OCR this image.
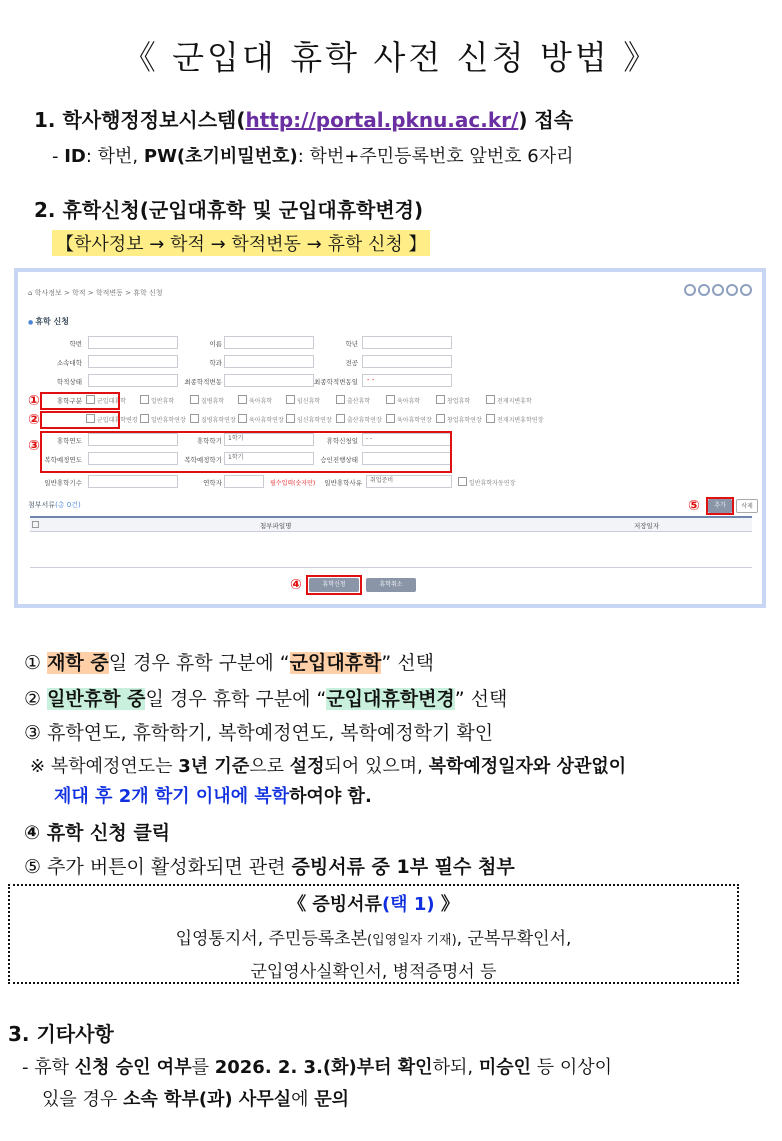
《 군입대 휴학 사전 신청 방법 》
1. 학사행정정보시스템(http://portal.pknu.ac.kr/) 접속
- ID: 학번, PW(초기비밀번호): 학번+주민등록번호 앞번호 6자리
2. 휴학신청(군입대휴학 및 군입대휴학변경)
【학사정보 → 학적 → 학적변동 → 휴학 신청 】
⌂ 학사정보 > 학적 > 학적변동 > 휴학 신청
● 휴학 신청
학번	이름	학년
소속대학	학과	전공
학적상태	최종학적변동	최종학적변동일	- -
휴학구분	군입대휴학	일반휴학	질병휴학	육아휴학	임신휴학	출산휴학	육아휴학	창업휴학	전재지변휴학
군입대휴학변경	일반휴학연장	질병휴학연장	육아휴학연장	임신휴학연장	출산휴학연장	육아휴학연장	창업휴학연장	전재지변휴학연장
휴학연도	휴학학기	1학기	휴학신청일	- -
복학예정연도	복학예정학기	1학기	승인진행상태
일반휴학기수	연학자	필수입력(숫자만)	일반휴학사유	취업준비	일반휴학자동연장
①
②
③
첨부서류(총 0건)	⑤	추가	삭제
첨부파일명	저장일자
④	휴학신청	휴학취소
① 재학 중일 경우 휴학 구분에 “군입대휴학” 선택
② 일반휴학 중일 경우 휴학 구분에 “군입대휴학변경” 선택
③ 휴학연도, 휴학학기, 복학예정연도, 복학예정학기 확인
※ 복학예정연도는 3년 기준으로 설정되어 있으며, 복학예정일자와 상관없이
제대 후 2개 학기 이내에 복학하여야 함.
④ 휴학 신청 클릭
⑤ 추가 버튼이 활성화되면 관련 증빙서류 중 1부 필수 첨부
《 증빙서류(택 1) 》
입영통지서, 주민등록초본(입영일자 기재), 군복무확인서,
군입영사실확인서, 병적증명서 등
3. 기타사항
- 휴학 신청 승인 여부를 2026. 2. 3.(화)부터 확인하되, 미승인 등 이상이
있을 경우 소속 학부(과) 사무실에 문의
